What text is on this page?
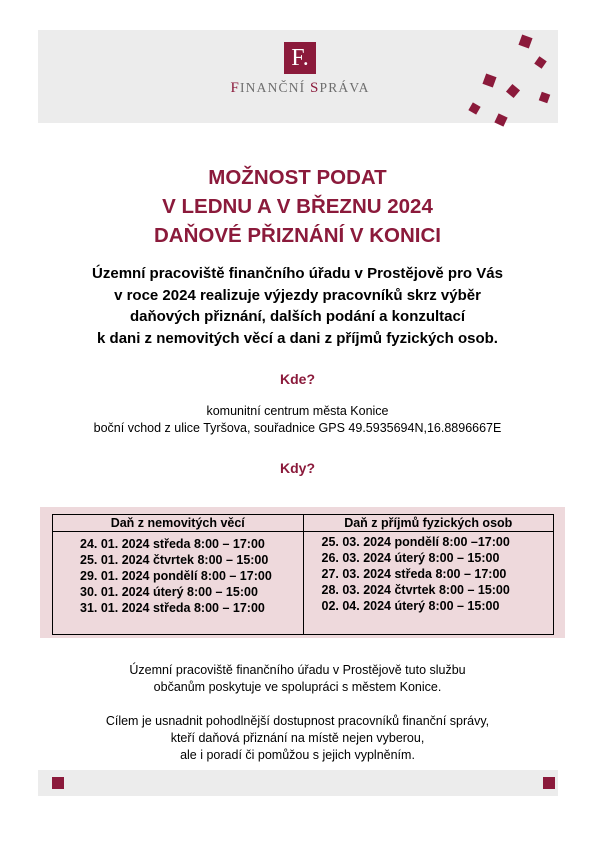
F.
FINANČNÍ SPRÁVA
MOŽNOST PODAT
V LEDNU A V BŘEZNU 2024
DAŇOVÉ PŘIZNÁNÍ V KONICI
Územní pracoviště finančního úřadu v Prostějově pro Vás
v roce 2024 realizuje výjezdy pracovníků skrz výběr
daňových přiznání, dalších podání a konzultací
k dani z nemovitých věcí a dani z příjmů fyzických osob.
Kde?
komunitní centrum města Konice
boční vchod z ulice Tyršova, souřadnice GPS 49.5935694N,16.8896667E
Kdy?
Daň z nemovitých věcí
24. 01. 2024 středa 8:00 – 17:00
25. 01. 2024 čtvrtek 8:00 – 15:00
29. 01. 2024 pondělí 8:00 – 17:00
30. 01. 2024 úterý 8:00 – 15:00
31. 01. 2024 středa 8:00 – 17:00
Daň z příjmů fyzických osob
25. 03. 2024 pondělí 8:00 –17:00
26. 03. 2024 úterý 8:00 – 15:00
27. 03. 2024 středa 8:00 – 17:00
28. 03. 2024 čtvrtek 8:00 – 15:00
02. 04. 2024 úterý 8:00 – 15:00
Územní pracoviště finančního úřadu v Prostějově tuto službu
občanům poskytuje ve spolupráci s městem Konice.
Cílem je usnadnit pohodlnější dostupnost pracovníků finanční správy,
kteří daňová přiznání na místě nejen vyberou,
ale i poradí či pomůžou s jejich vyplněním.
